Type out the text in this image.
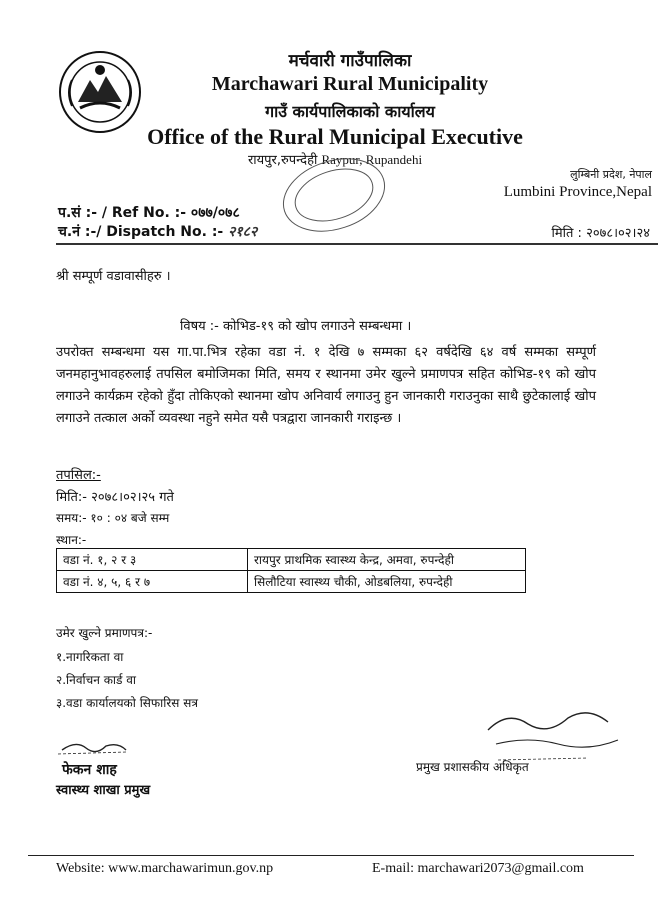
मर्चवारी गाउँपालिका
Marchawari Rural Municipality
गाउँ कार्यपालिकाको कार्यालय
Office of the Rural Municipal Executive
रायपुर,रुपन्देही Raypur, Rupandehi
लुम्बिनी प्रदेश, नेपाल
Lumbini Province,Nepal
प.सं :- / Ref No. :- ०७७/०७८
च.नं :-/ Dispatch No. :- २१८२	मिति : २०७८।०२।२४
श्री सम्पूर्ण वडावासीहरु ।
विषय :- कोभिड-१९ को खोप लगाउने सम्बन्धमा ।
उपरोक्त सम्बन्धमा यस गा.पा.भित्र रहेका वडा नं. १ देखि ७ सम्मका ६२ वर्षदेखि ६४ वर्ष सम्मका सम्पूर्ण जनमहानुभावहरुलाई तपसिल बमोजिमका मिति, समय र स्थानमा उमेर खुल्ने प्रमाणपत्र सहित कोभिड-१९ को खोप लगाउने कार्यक्रम रहेको हुँदा तोकिएको स्थानमा खोप अनिवार्य लगाउनु हुन जानकारी गराउनुका साथै छुटेकालाई खोप लगाउने तत्काल अर्को व्यवस्था नहुने समेत यसै पत्रद्वारा जानकारी गराइन्छ ।
तपसिल:-
मिति:- २०७८।०२।२५ गते
समय:- १० : ०४ बजे सम्म
स्थान:-
वडा नं. १, २ र ३	रायपुर प्राथमिक स्वास्थ्य केन्द्र, अमवा, रुपन्देही
वडा नं. ४, ५, ६ र ७	सिलौटिया स्वास्थ्य चौकी, ओडबलिया, रुपन्देही
उमेर खुल्ने प्रमाणपत्र:-
१.नागरिकता वा
२.निर्वाचन कार्ड वा
३.वडा कार्यालयको सिफारिस सत्र
फेकन शाह
स्वास्थ्य शाखा प्रमुख
प्रमुख प्रशासकीय अधिकृत
Website: www.marchawarimun.gov.np	E-mail: marchawari2073@gmail.com
